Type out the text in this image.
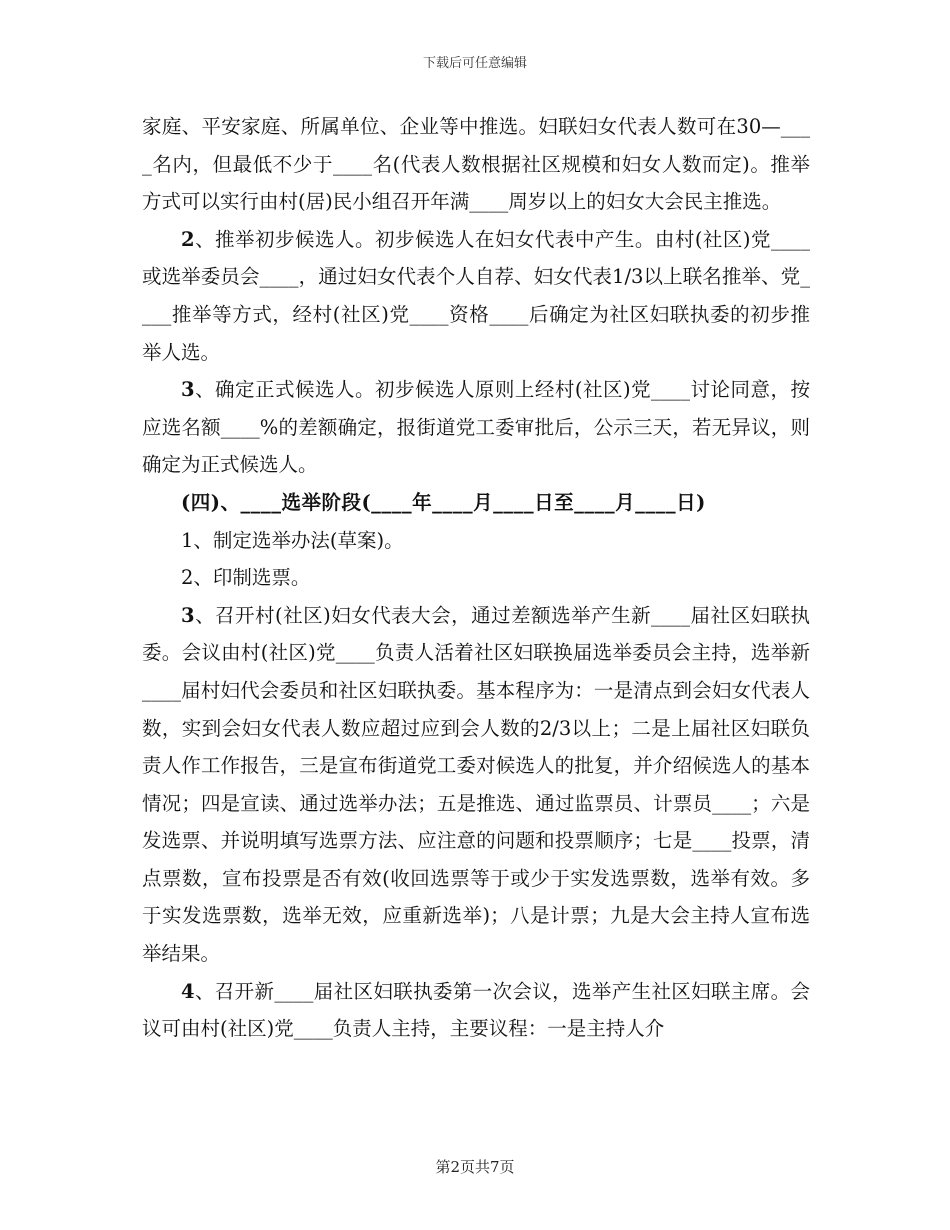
下载后可任意编辑

家庭、平安家庭、所属单位、企业等中推选。妇联妇女代表人数可在30—____名内，但最低不少于____名(代表人数根据社区规模和妇女人数而定)。推举方式可以实行由村(居)民小组召开年满____周岁以上的妇女大会民主推选。

2、推举初步候选人。初步候选人在妇女代表中产生。由村(社区)党____或选举委员会____，通过妇女代表个人自荐、妇女代表1/3以上联名推举、党____推举等方式，经村(社区)党____资格____后确定为社区妇联执委的初步推举人选。

3、确定正式候选人。初步候选人原则上经村(社区)党____讨论同意，按应选名额____%的差额确定，报街道党工委审批后，公示三天，若无异议，则确定为正式候选人。

(四)、____选举阶段(____年____月____日至____月____日)

1、制定选举办法(草案)。

2、印制选票。

3、召开村(社区)妇女代表大会，通过差额选举产生新____届社区妇联执委。会议由村(社区)党____负责人活着社区妇联换届选举委员会主持，选举新____届村妇代会委员和社区妇联执委。基本程序为：一是清点到会妇女代表人数，实到会妇女代表人数应超过应到会人数的2/3以上；二是上届社区妇联负责人作工作报告，三是宣布街道党工委对候选人的批复，并介绍候选人的基本情况；四是宣读、通过选举办法；五是推选、通过监票员、计票员____；六是发选票、并说明填写选票方法、应注意的问题和投票顺序；七是____投票，清点票数，宣布投票是否有效(收回选票等于或少于实发选票数，选举有效。多于实发选票数，选举无效，应重新选举)；八是计票；九是大会主持人宣布选举结果。

4、召开新____届社区妇联执委第一次会议，选举产生社区妇联主席。会议可由村(社区)党____负责人主持，主要议程：一是主持人介

第2页共7页
